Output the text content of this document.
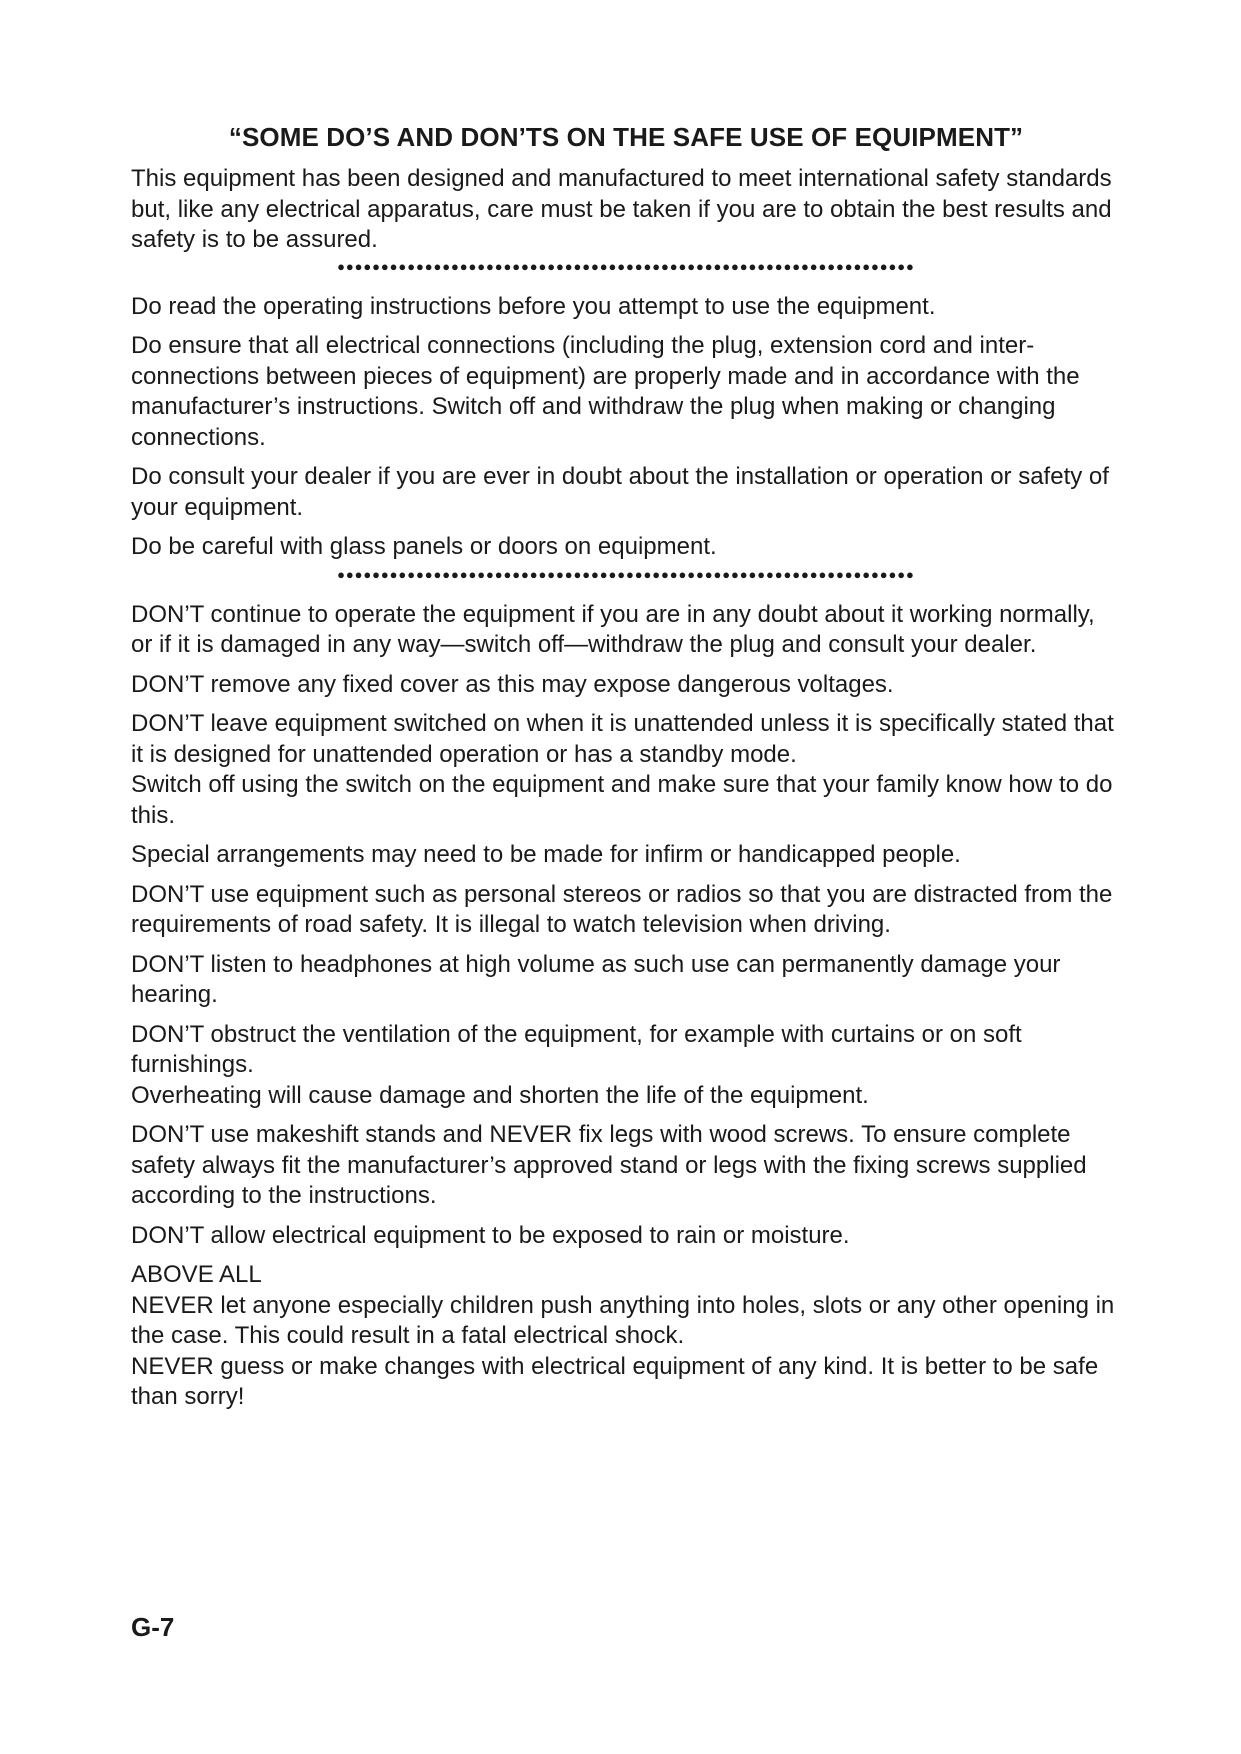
“SOME DO’S AND DON’TS ON THE SAFE USE OF EQUIPMENT”

This equipment has been designed and manufactured to meet international safety standards but, like any electrical apparatus, care must be taken if you are to obtain the best results and safety is to be assured.

●●●●●●●●●●●●●●●●●●●●●●●●●●●●●●●●●●●●●●●●●●●●●●●●●●●●●●●●●●●●●●●●●●

Do read the operating instructions before you attempt to use the equipment.

Do ensure that all electrical connections (including the plug, extension cord and inter-connections between pieces of equipment) are properly made and in accordance with the manufacturer’s instructions. Switch off and withdraw the plug when making or changing connections.

Do consult your dealer if you are ever in doubt about the installation or operation or safety of your equipment.

Do be careful with glass panels or doors on equipment.

●●●●●●●●●●●●●●●●●●●●●●●●●●●●●●●●●●●●●●●●●●●●●●●●●●●●●●●●●●●●●●●●●●

DON’T continue to operate the equipment if you are in any doubt about it working normally, or if it is damaged in any way—switch off—withdraw the plug and consult your dealer.

DON’T remove any fixed cover as this may expose dangerous voltages.

DON’T leave equipment switched on when it is unattended unless it is specifically stated that it is designed for unattended operation or has a standby mode.

Switch off using the switch on the equipment and make sure that your family know how to do this.

Special arrangements may need to be made for infirm or handicapped people.

DON’T use equipment such as personal stereos or radios so that you are distracted from the requirements of road safety. It is illegal to watch television when driving.

DON’T listen to headphones at high volume as such use can permanently damage your hearing.

DON’T obstruct the ventilation of the equipment, for example with curtains or on soft furnishings.

Overheating will cause damage and shorten the life of the equipment.

DON’T use makeshift stands and NEVER fix legs with wood screws. To ensure complete safety always fit the manufacturer’s approved stand or legs with the fixing screws supplied according to the instructions.

DON’T allow electrical equipment to be exposed to rain or moisture.

ABOVE ALL

NEVER let anyone especially children push anything into holes, slots or any other opening in the case. This could result in a fatal electrical shock.

NEVER guess or make changes with electrical equipment of any kind. It is better to be safe than sorry!

G-7
